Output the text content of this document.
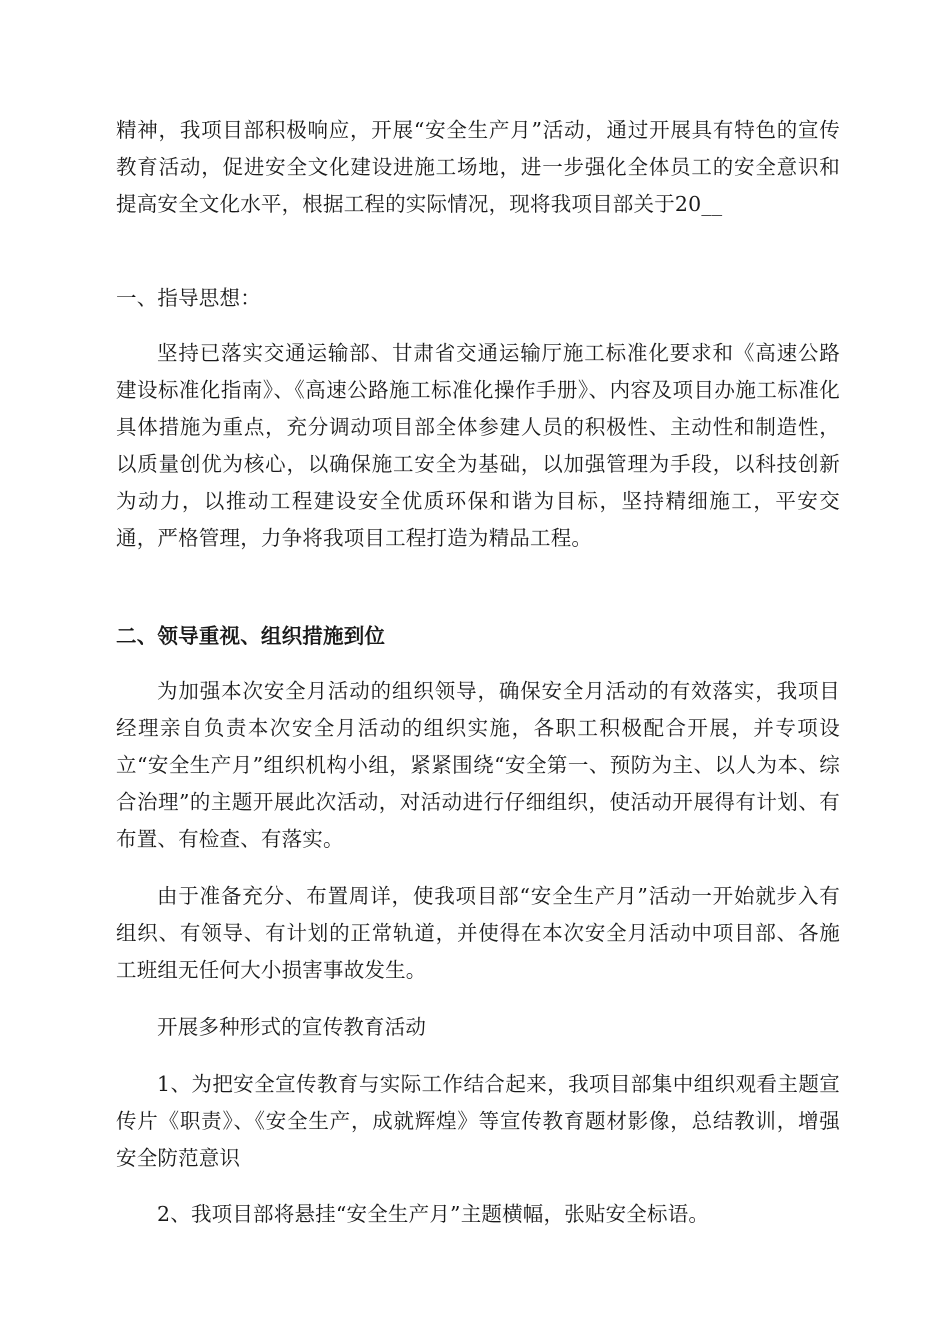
精神，我项目部积极响应，开展“安全生产月”活动，通过开展具有特色的宣传教育活动，促进安全文化建设进施工场地，进一步强化全体员工的安全意识和提高安全文化水平，根据工程的实际情况，现将我项目部关于20__

一、指导思想：

坚持已落实交通运输部、甘肃省交通运输厅施工标准化要求和《高速公路建设标准化指南》、《高速公路施工标准化操作手册》、内容及项目办施工标准化具体措施为重点，充分调动项目部全体参建人员的积极性、主动性和制造性，以质量创优为核心，以确保施工安全为基础，以加强管理为手段，以科技创新为动力，以推动工程建设安全优质环保和谐为目标，坚持精细施工，平安交通，严格管理，力争将我项目工程打造为精品工程。

二、领导重视、组织措施到位

为加强本次安全月活动的组织领导，确保安全月活动的有效落实，我项目经理亲自负责本次安全月活动的组织实施，各职工积极配合开展，并专项设立“安全生产月”组织机构小组，紧紧围绕“安全第一、预防为主、以人为本、综合治理”的主题开展此次活动，对活动进行仔细组织，使活动开展得有计划、有布置、有检查、有落实。

由于准备充分、布置周详，使我项目部“安全生产月”活动一开始就步入有组织、有领导、有计划的正常轨道，并使得在本次安全月活动中项目部、各施工班组无任何大小损害事故发生。

开展多种形式的宣传教育活动

1、为把安全宣传教育与实际工作结合起来，我项目部集中组织观看主题宣传片《职责》、《安全生产，成就辉煌》等宣传教育题材影像，总结教训，增强安全防范意识

2、我项目部将悬挂“安全生产月”主题横幅，张贴安全标语。
